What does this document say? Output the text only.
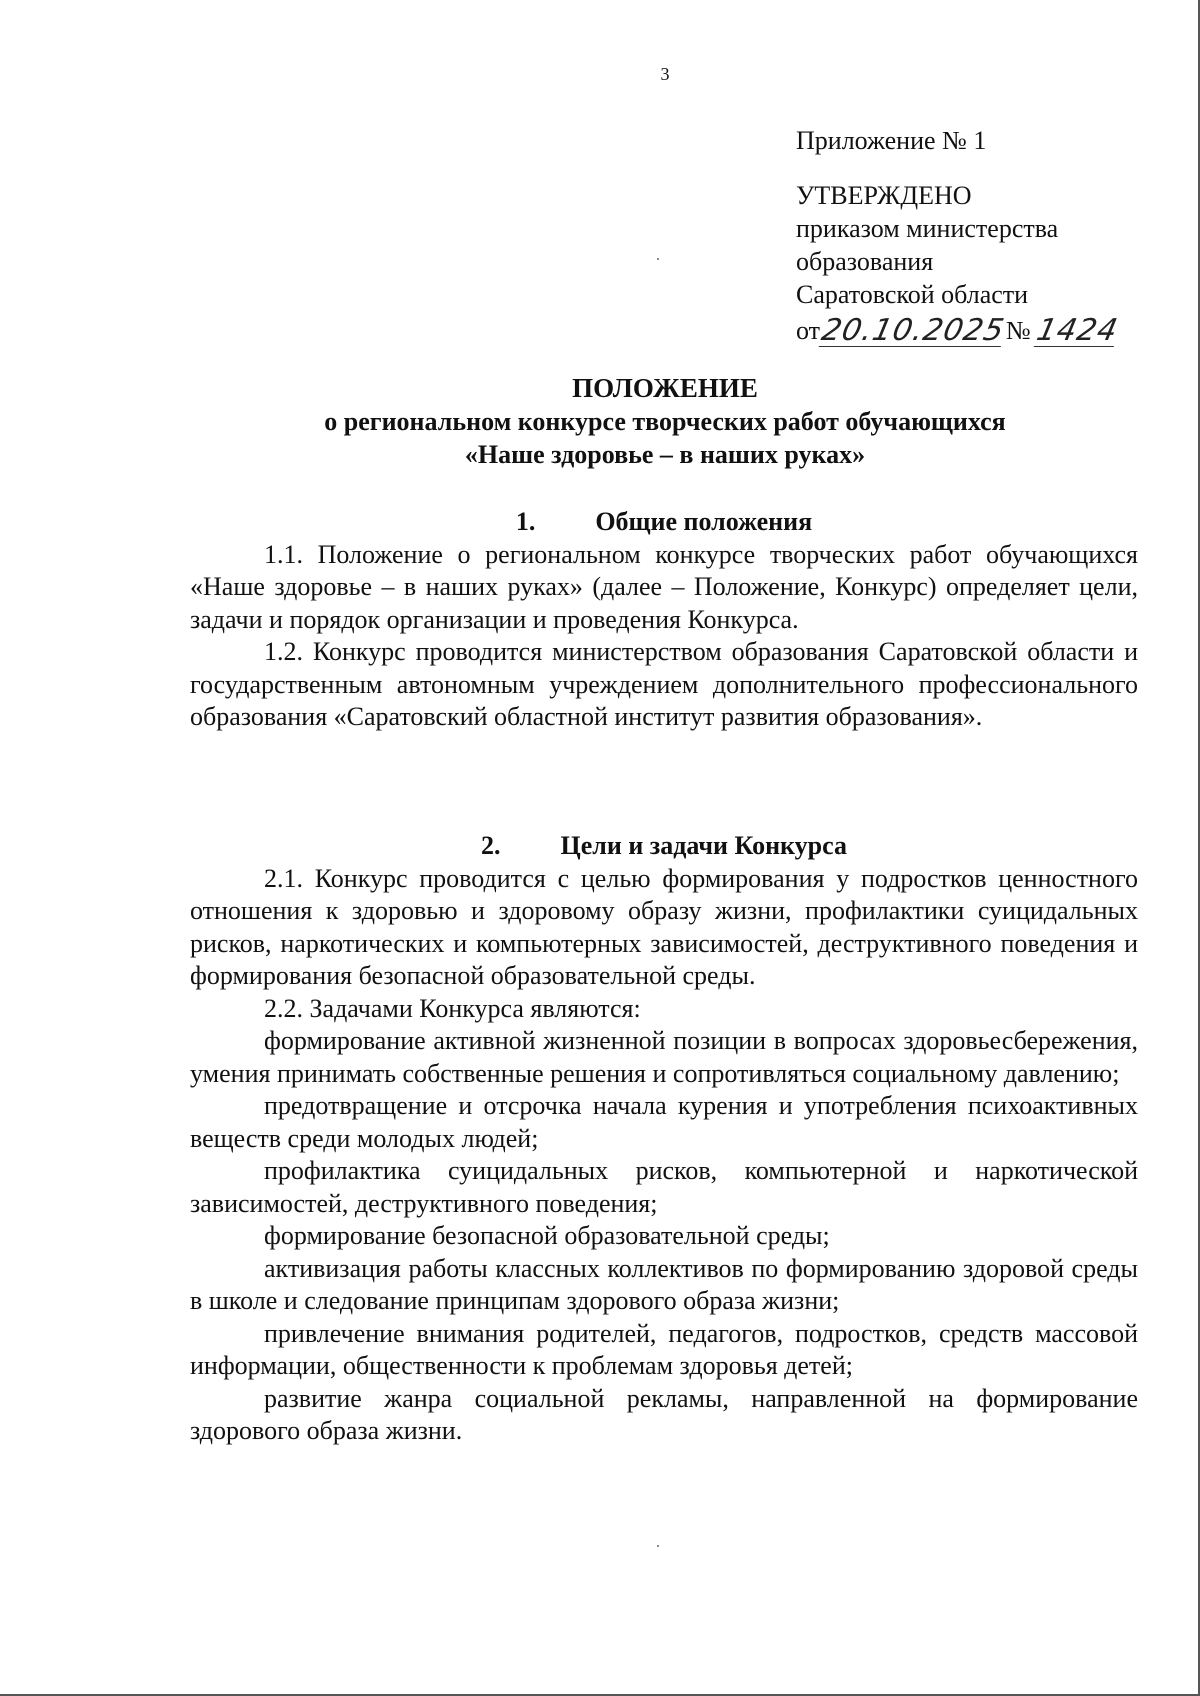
3
Приложение № 1
УТВЕРЖДЕНО
приказом министерства
образования
Саратовской области
от
20.10.2025
№ 1424
ПОЛОЖЕНИЕ
о региональном конкурсе творческих работ обучающихся
«Наше здоровье – в наших руках»

1. Общие положения

1.1. Положение о региональном конкурсе творческих работ обучающихся «Наше здоровье – в наших руках» (далее – Положение, Конкурс) определяет цели, задачи и порядок организации и проведения Конкурса.

1.2. Конкурс проводится министерством образования Саратовской области и государственным автономным учреждением дополнительного профессионального образования «Саратовский областной институт развития образования».

2. Цели и задачи Конкурса

2.1. Конкурс проводится с целью формирования у подростков ценностного отношения к здоровью и здоровому образу жизни, профилактики суицидальных рисков, наркотических и компьютерных зависимостей, деструктивного поведения и формирования безопасной образовательной среды.

2.2. Задачами Конкурса являются:

формирование активной жизненной позиции в вопросах здоровьесбережения, умения принимать собственные решения и сопротивляться социальному давлению;

предотвращение и отсрочка начала курения и употребления психоактивных веществ среди молодых людей;

профилактика суицидальных рисков, компьютерной и наркотической зависимостей, деструктивного поведения;

формирование безопасной образовательной среды;

активизация работы классных коллективов по формированию здоровой среды в школе и следование принципам здорового образа жизни;

привлечение внимания родителей, педагогов, подростков, средств массовой информации, общественности к проблемам здоровья детей;

развитие жанра социальной рекламы, направленной на формирование здорового образа жизни.
